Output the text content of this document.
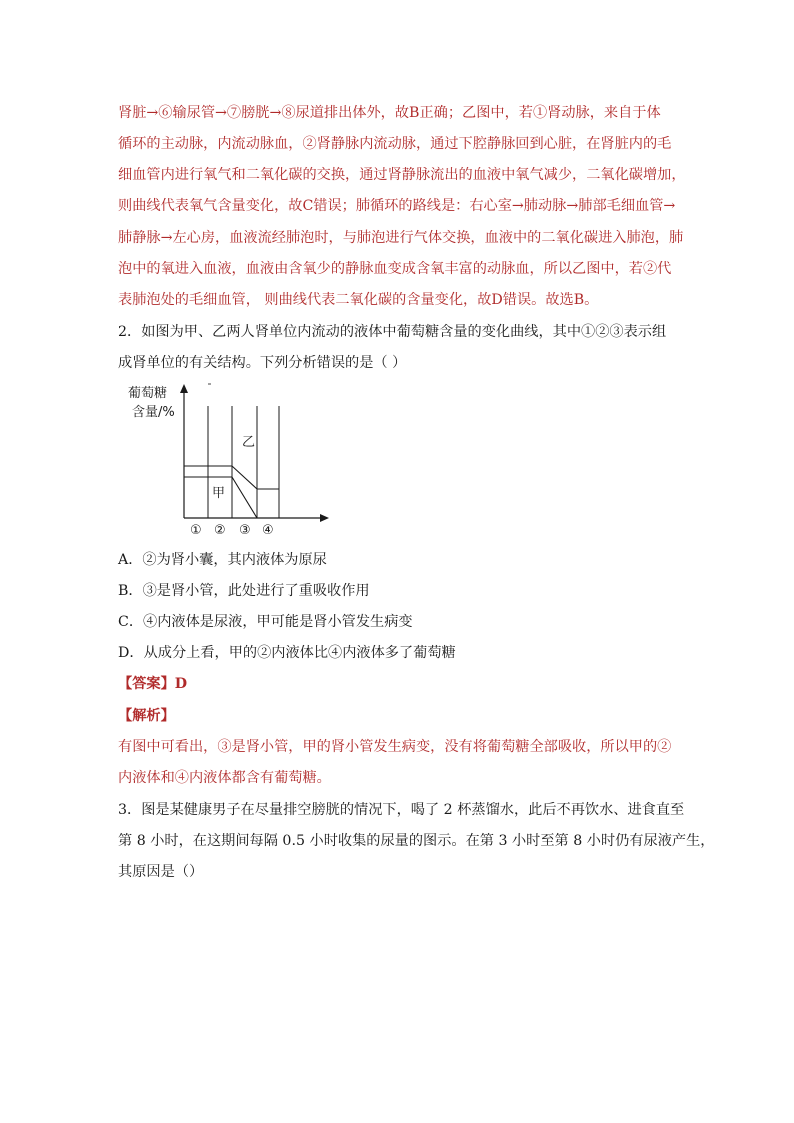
肾脏→⑥输尿管→⑦膀胱→⑧尿道排出体外，故B正确；乙图中，若①肾动脉，来自于体
循环的主动脉，内流动脉血，②肾静脉内流动脉，通过下腔静脉回到心脏，在肾脏内的毛
细血管内进行氧气和二氧化碳的交换，通过肾静脉流出的血液中氧气减少，二氧化碳增加，
则曲线代表氧气含量变化，故C错误；肺循环的路线是：右心室→肺动脉→肺部毛细血管→
肺静脉→左心房，血液流经肺泡时，与肺泡进行气体交换，血液中的二氧化碳进入肺泡，肺
泡中的氧进入血液，血液由含氧少的静脉血变成含氧丰富的动脉血，所以乙图中，若②代
表肺泡处的毛细血管， 则曲线代表二氧化碳的含量变化，故D错误。故选B。
2．如图为甲、乙两人肾单位内流动的液体中葡萄糖含量的变化曲线，其中①②③表示组
成肾单位的有关结构。下列分析错误的是（ ）
葡萄糖
含量/%
乙
甲
① ② ③ ④
A．②为肾小囊，其内液体为原尿
B．③是肾小管，此处进行了重吸收作用
C．④内液体是尿液，甲可能是肾小管发生病变
D．从成分上看，甲的②内液体比④内液体多了葡萄糖
【答案】D
【解析】
有图中可看出，③是肾小管，甲的肾小管发生病变，没有将葡萄糖全部吸收，所以甲的②
内液体和④内液体都含有葡萄糖。
3．图是某健康男子在尽量排空膀胱的情况下，喝了 2 杯蒸馏水，此后不再饮水、进食直至
第 8 小时，在这期间每隔 0.5 小时收集的尿量的图示。在第 3 小时至第 8 小时仍有尿液产生，
其原因是（）
